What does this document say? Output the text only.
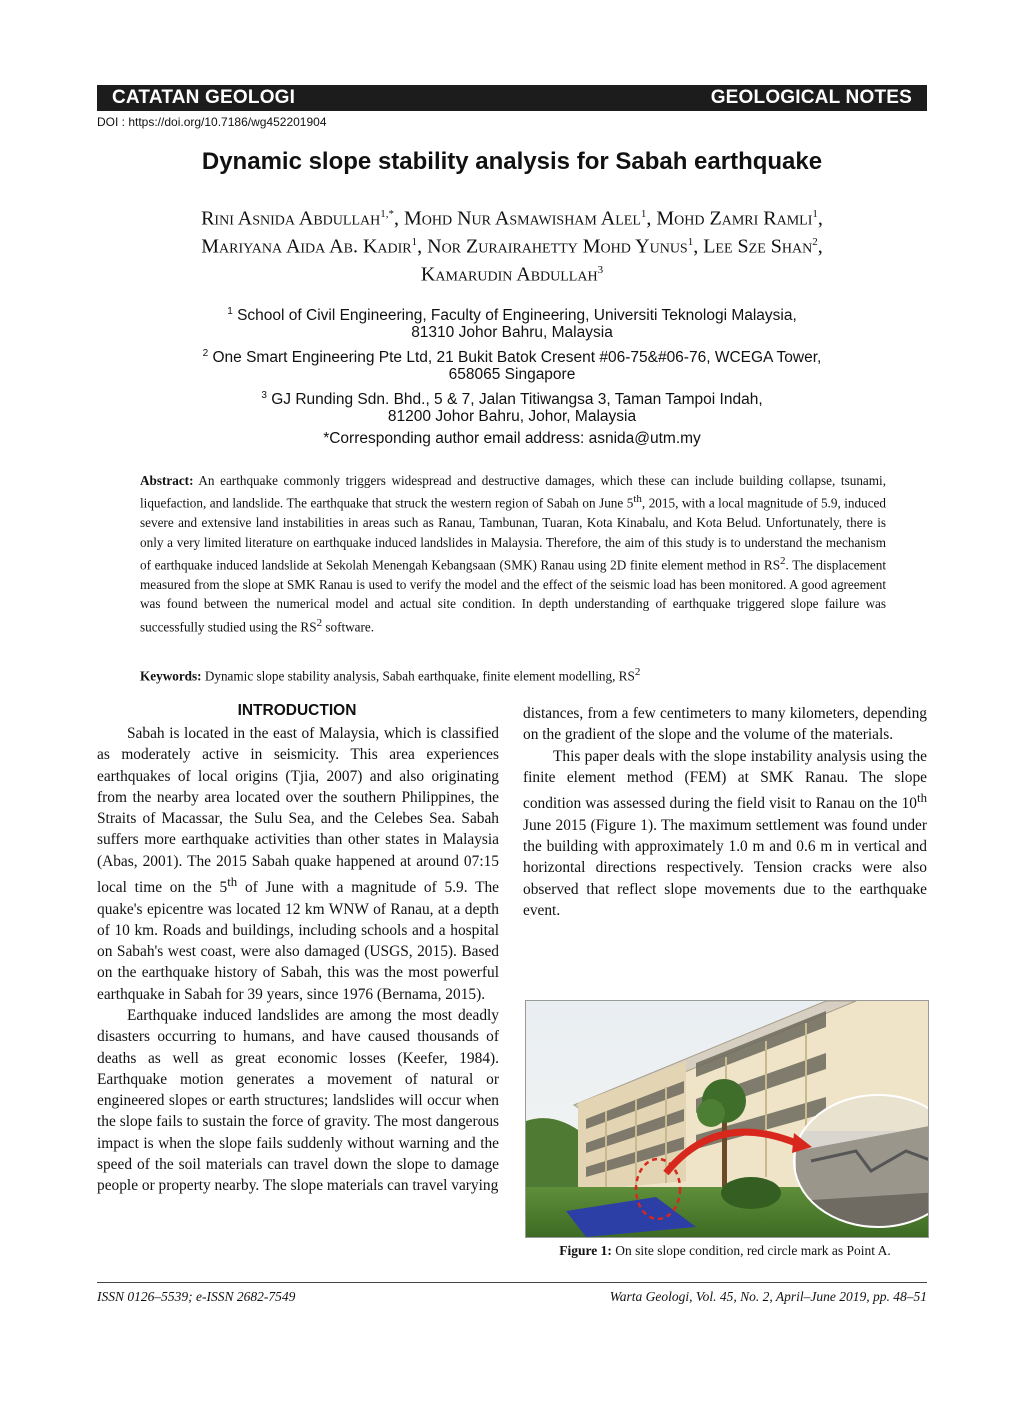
CATATAN GEOLOGI	GEOLOGICAL NOTES
DOI : https://doi.org/10.7186/wg452201904
Dynamic slope stability analysis for Sabah earthquake
Rini Asnida Abdullah$^{1,*}$, Mohd Nur Asmawisham Alel$^1$, Mohd Zamri Ramli$^1$,
Mariyana Aida Ab. Kadir$^1$, Nor Zurairahetty Mohd Yunus$^1$, Lee Sze Shan$^2$,
Kamarudin Abdullah$^3$
$^1$ School of Civil Engineering, Faculty of Engineering, Universiti Teknologi Malaysia,
81310 Johor Bahru, Malaysia
$^2$ One Smart Engineering Pte Ltd, 21 Bukit Batok Cresent #06-75&#06-76, WCEGA Tower,
658065 Singapore
$^3$ GJ Runding Sdn. Bhd., 5 & 7, Jalan Titiwangsa 3, Taman Tampoi Indah,
81200 Johor Bahru, Johor, Malaysia
*Corresponding author email address: asnida@utm.my
Abstract: An earthquake commonly triggers widespread and destructive damages, which these can include building collapse, tsunami, liquefaction, and landslide. The earthquake that struck the western region of Sabah on June 5th, 2015, with a local magnitude of 5.9, induced severe and extensive land instabilities in areas such as Ranau, Tambunan, Tuaran, Kota Kinabalu, and Kota Belud. Unfortunately, there is only a very limited literature on earthquake induced landslides in Malaysia. Therefore, the aim of this study is to understand the mechanism of earthquake induced landslide at Sekolah Menengah Kebangsaan (SMK) Ranau using 2D finite element method in $RS^2$. The displacement measured from the slope at SMK Ranau is used to verify the model and the effect of the seismic load has been monitored. A good agreement was found between the numerical model and actual site condition. In depth understanding of earthquake triggered slope failure was successfully studied using the $RS^2$ software.
Keywords: Dynamic slope stability analysis, Sabah earthquake, finite element modelling, $RS^2$
INTRODUCTION

Sabah is located in the east of Malaysia, which is classified as moderately active in seismicity. This area experiences earthquakes of local origins (Tjia, 2007) and also originating from the nearby area located over the southern Philippines, the Straits of Macassar, the Sulu Sea, and the Celebes Sea. Sabah suffers more earthquake activities than other states in Malaysia (Abas, 2001). The 2015 Sabah quake happened at around 07:15 local time on the 5th of June with a magnitude of 5.9. The quake's epicentre was located 12 km WNW of Ranau, at a depth of 10 km. Roads and buildings, including schools and a hospital on Sabah's west coast, were also damaged (USGS, 2015). Based on the earthquake history of Sabah, this was the most powerful earthquake in Sabah for 39 years, since 1976 (Bernama, 2015).

Earthquake induced landslides are among the most deadly disasters occurring to humans, and have caused thousands of deaths as well as great economic losses (Keefer, 1984). Earthquake motion generates a movement of natural or engineered slopes or earth structures; landslides will occur when the slope fails to sustain the force of gravity. The most dangerous impact is when the slope fails suddenly without warning and the speed of the soil materials can travel down the slope to damage people or property nearby. The slope materials can travel varying

distances, from a few centimeters to many kilometers, depending on the gradient of the slope and the volume of the materials.

This paper deals with the slope instability analysis using the finite element method (FEM) at SMK Ranau. The slope condition was assessed during the field visit to Ranau on the 10th June 2015 (Figure 1). The maximum settlement was found under the building with approximately 1.0 m and 0.6 m in vertical and horizontal directions respectively. Tension cracks were also observed that reflect slope movements due to the earthquake event.

Figure 1: On site slope condition, red circle mark as Point A.
ISSN 0126–5539; e-ISSN 2682-7549	Warta Geologi, Vol. 45, No. 2, April–June 2019, pp. 48–51
